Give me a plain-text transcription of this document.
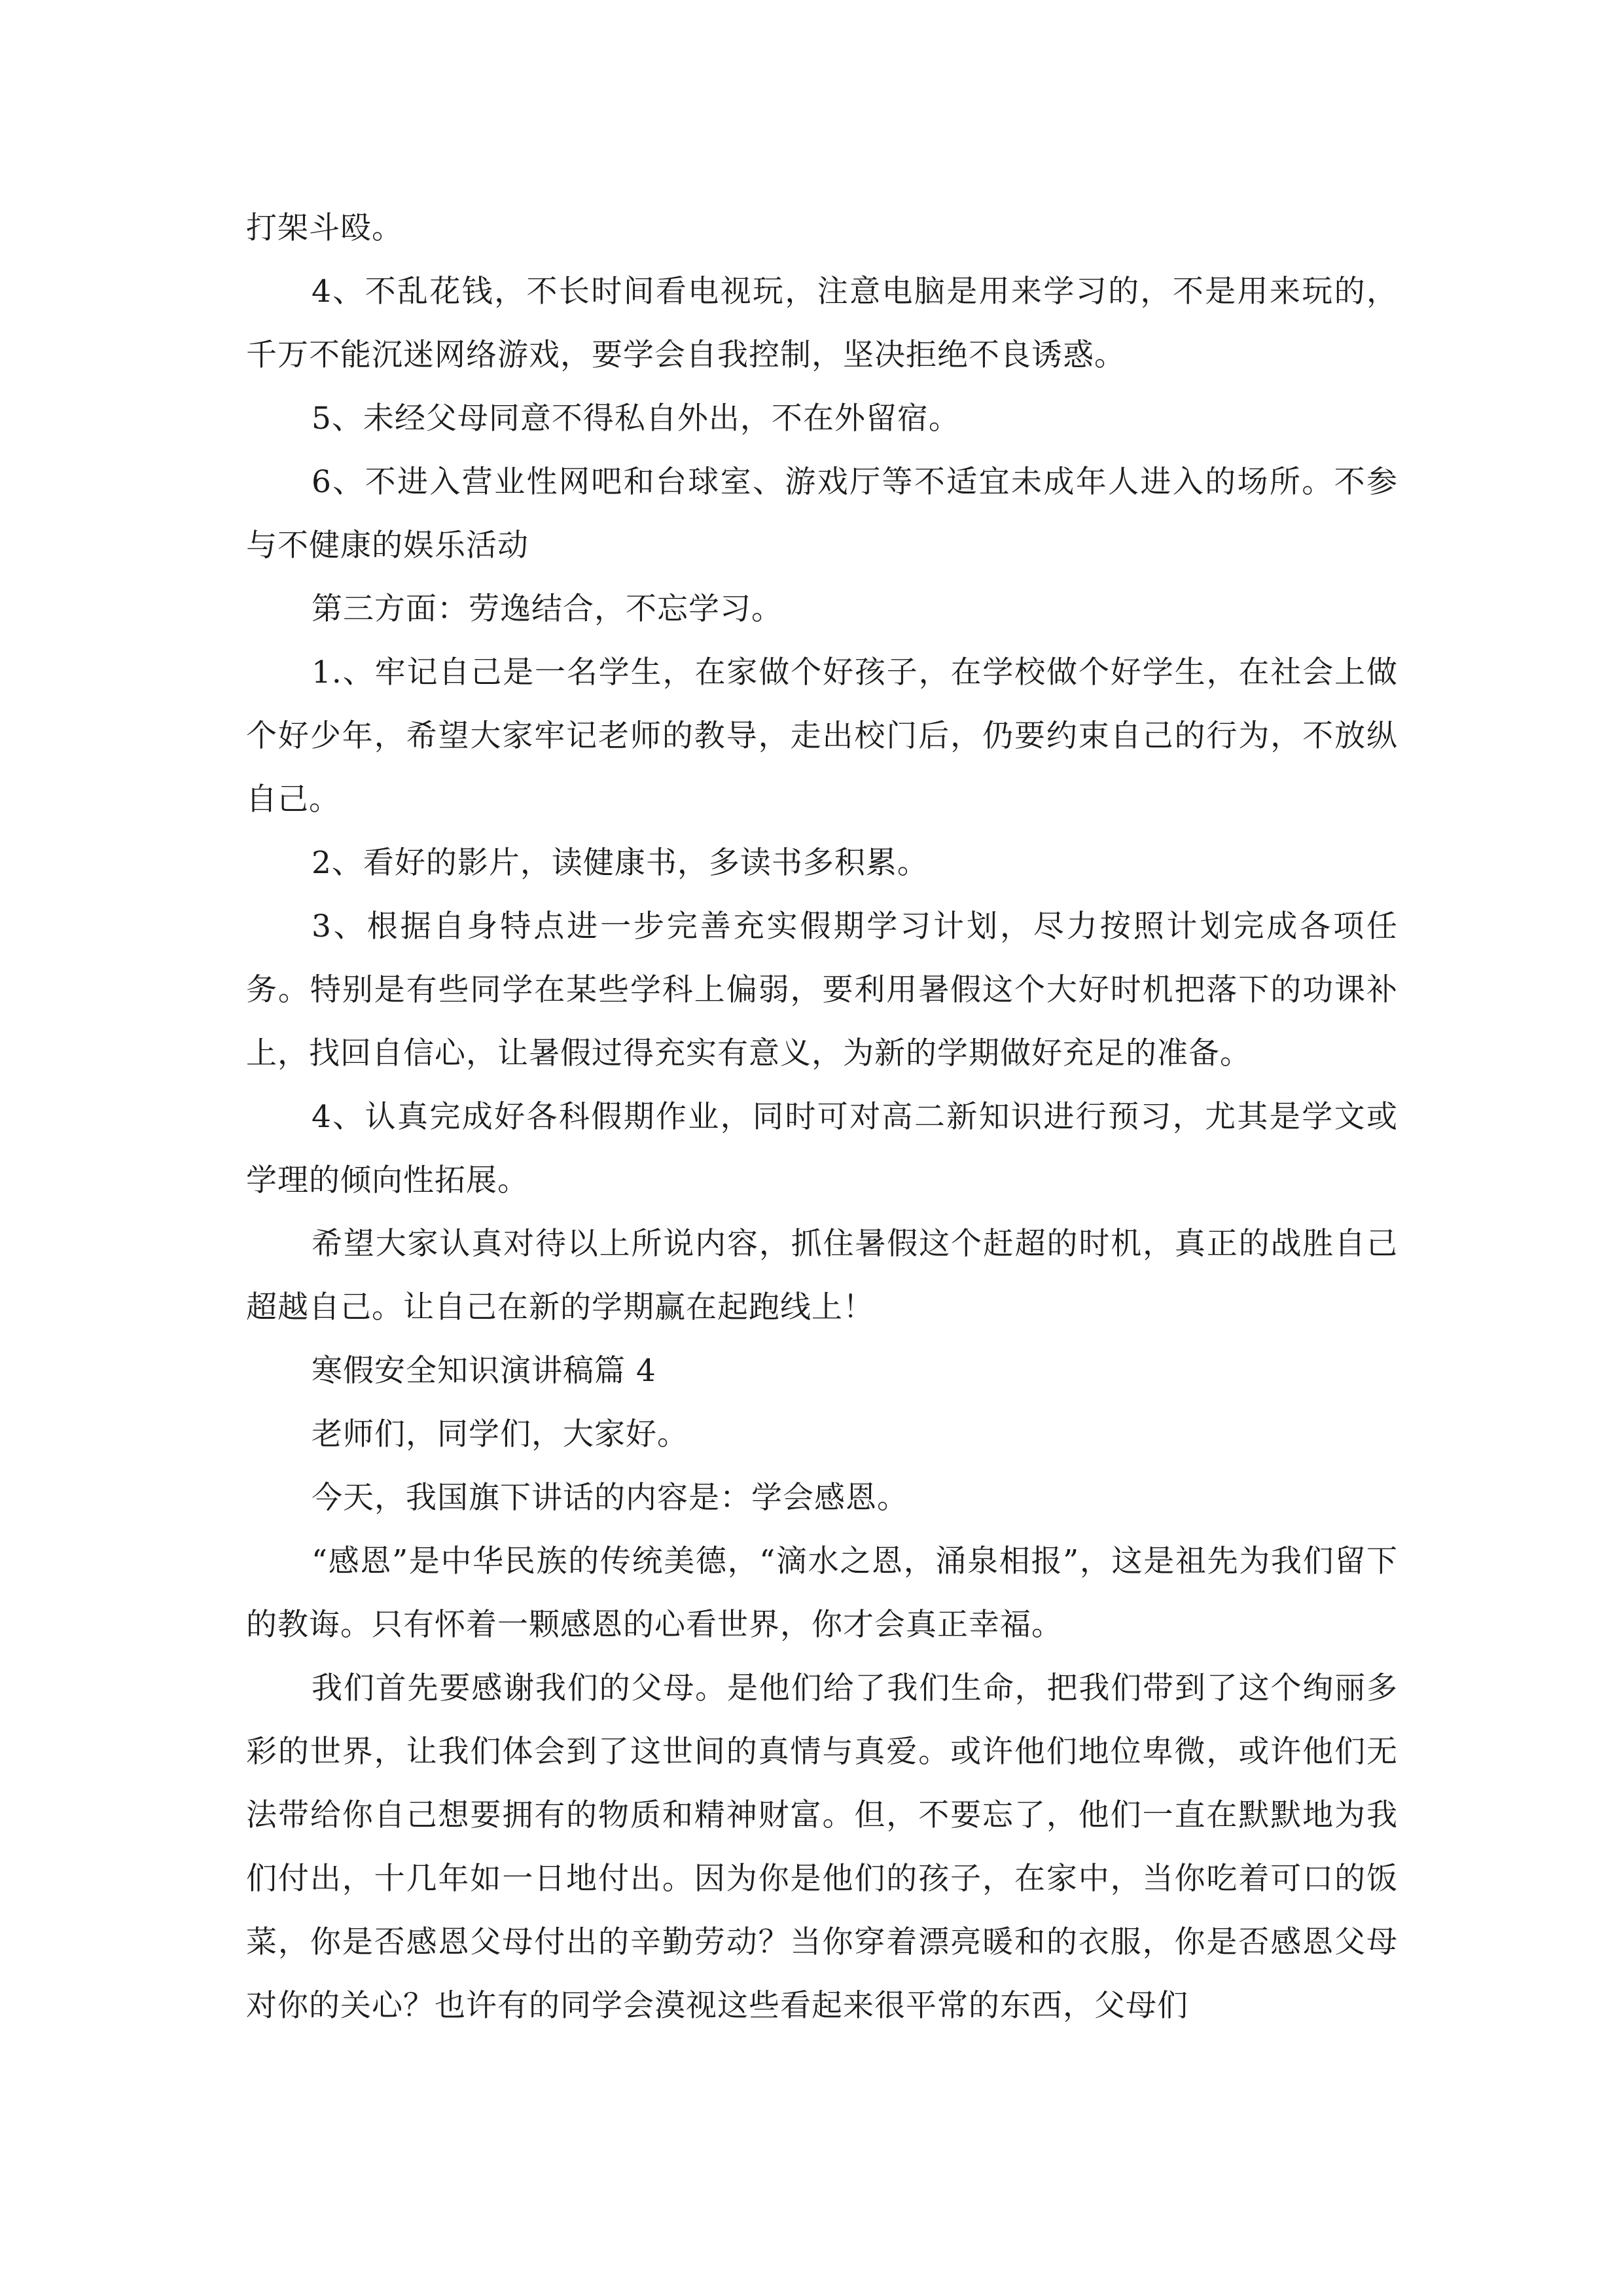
打架斗殴。

4、不乱花钱，不长时间看电视玩，注意电脑是用来学习的，不是用来玩的，千万不能沉迷网络游戏，要学会自我控制，坚决拒绝不良诱惑。

5、未经父母同意不得私自外出，不在外留宿。

6、不进入营业性网吧和台球室、游戏厅等不适宜未成年人进入的场所。不参与不健康的娱乐活动

第三方面：劳逸结合，不忘学习。

1.、牢记自己是一名学生，在家做个好孩子，在学校做个好学生，在社会上做个好少年，希望大家牢记老师的教导，走出校门后，仍要约束自己的行为，不放纵自己。

2、看好的影片，读健康书，多读书多积累。

3、根据自身特点进一步完善充实假期学习计划，尽力按照计划完成各项任务。特别是有些同学在某些学科上偏弱，要利用暑假这个大好时机把落下的功课补上，找回自信心，让暑假过得充实有意义，为新的学期做好充足的准备。

4、认真完成好各科假期作业，同时可对高二新知识进行预习，尤其是学文或学理的倾向性拓展。

希望大家认真对待以上所说内容，抓住暑假这个赶超的时机，真正的战胜自己超越自己。让自己在新的学期赢在起跑线上！

寒假安全知识演讲稿篇 4

老师们，同学们，大家好。

今天，我国旗下讲话的内容是：学会感恩。

“感恩”是中华民族的传统美德，“滴水之恩，涌泉相报”，这是祖先为我们留下的教诲。只有怀着一颗感恩的心看世界，你才会真正幸福。

我们首先要感谢我们的父母。是他们给了我们生命，把我们带到了这个绚丽多彩的世界，让我们体会到了这世间的真情与真爱。或许他们地位卑微，或许他们无法带给你自己想要拥有的物质和精神财富。但，不要忘了，他们一直在默默地为我们付出，十几年如一日地付出。因为你是他们的孩子，在家中，当你吃着可口的饭菜，你是否感恩父母付出的辛勤劳动？当你穿着漂亮暖和的衣服，你是否感恩父母对你的关心？也许有的同学会漠视这些看起来很平常的东西，父母们
